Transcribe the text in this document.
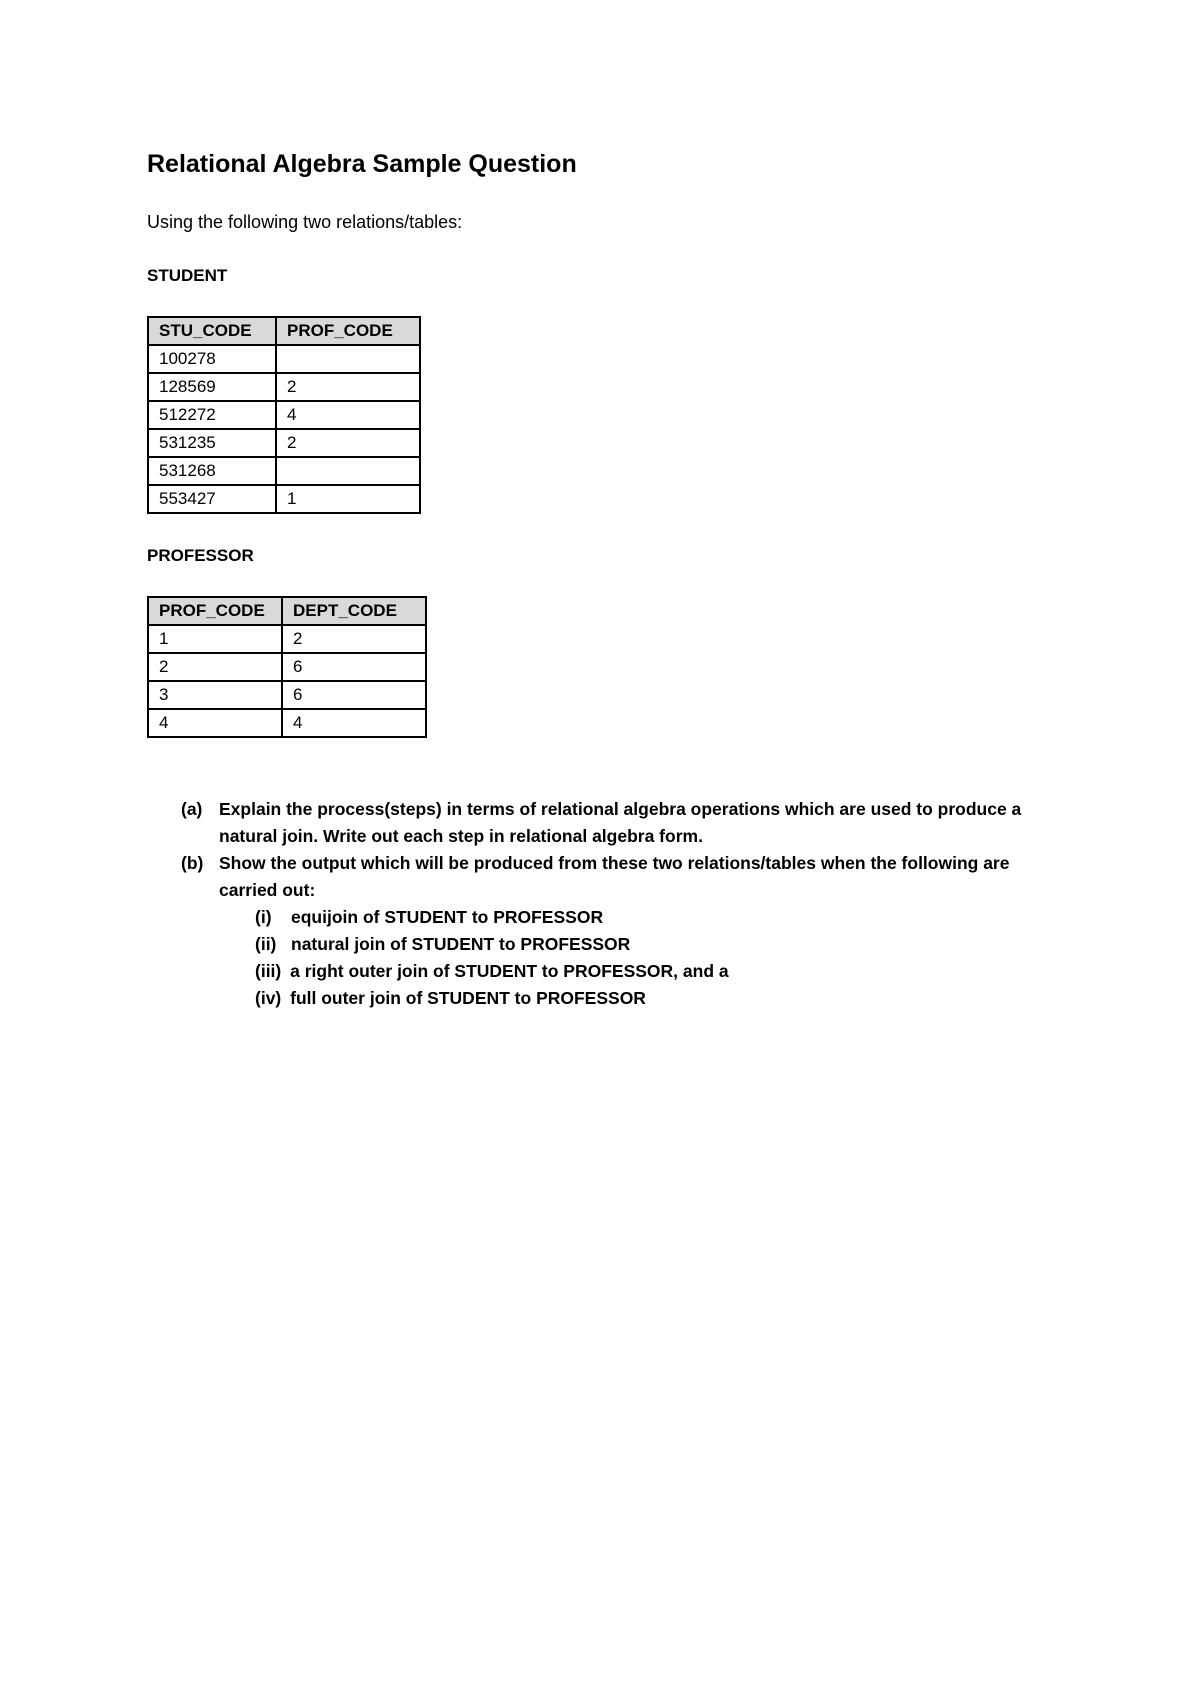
Relational Algebra Sample Question

Using the following two relations/tables:

STUDENT

STU_CODE	PROF_CODE
100278	
128569	2
512272	4
531235	2
531268	
553427	1

PROFESSOR

PROF_CODE	DEPT_CODE
1	2
2	6
3	6
4	4
(a) Explain the process(steps) in terms of relational algebra operations which are used to produce a natural join. Write out each step in relational algebra form.
(b) Show the output which will be produced from these two relations/tables when the following are carried out:
(i) equijoin of STUDENT to PROFESSOR
(ii) natural join of STUDENT to PROFESSOR
(iii) a right outer join of STUDENT to PROFESSOR, and a
(iv) full outer join of STUDENT to PROFESSOR
